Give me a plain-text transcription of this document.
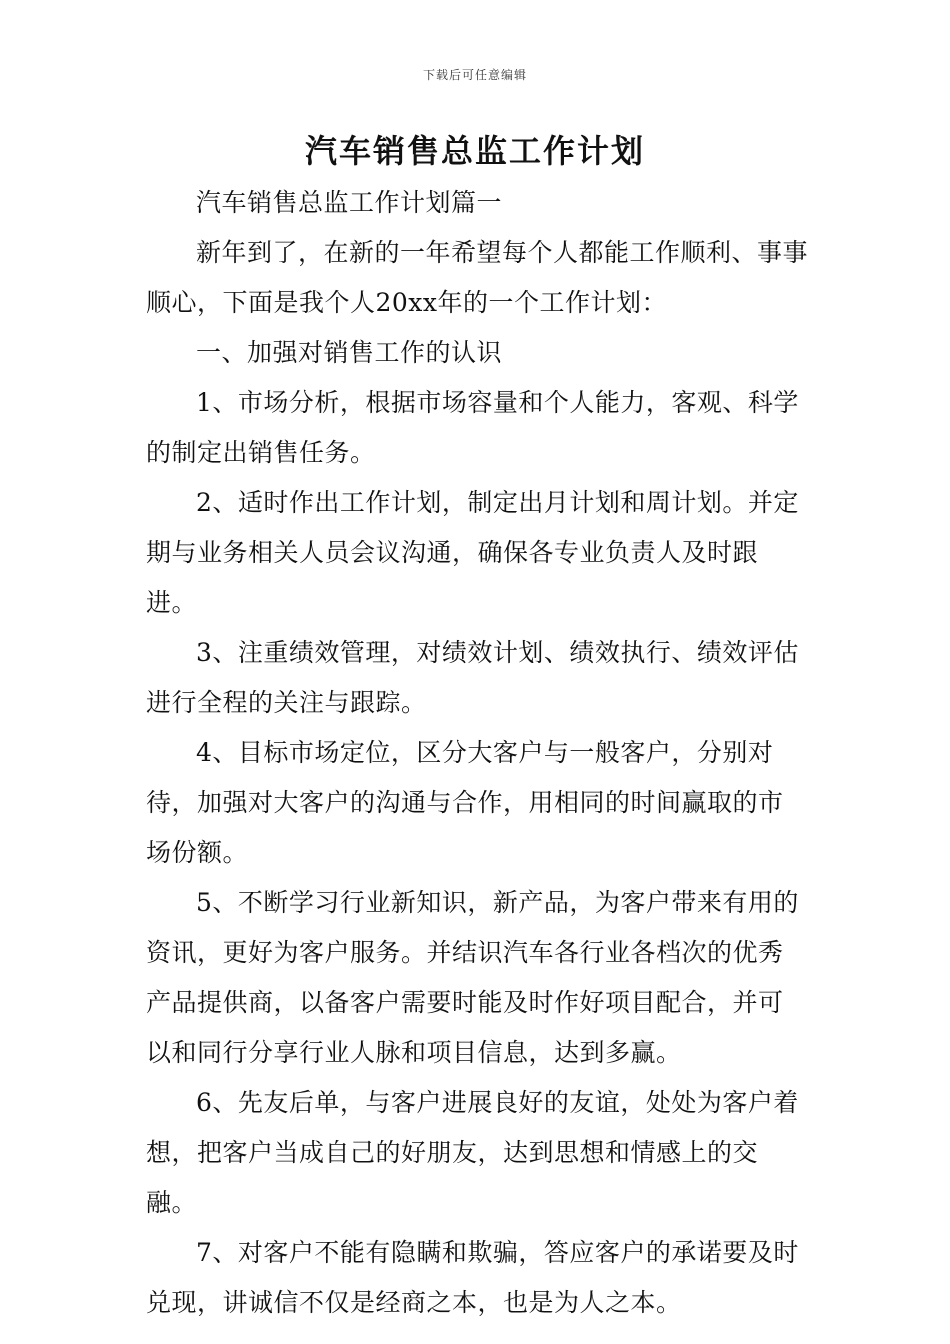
下载后可任意编辑
汽车销售总监工作计划

汽车销售总监工作计划篇一

新年到了，在新的一年希望每个人都能工作顺利、事事顺心，下面是我个人20xx年的一个工作计划：

一、加强对销售工作的认识

1、市场分析，根据市场容量和个人能力，客观、科学的制定出销售任务。

2、适时作出工作计划，制定出月计划和周计划。并定期与业务相关人员会议沟通，确保各专业负责人及时跟进。

3、注重绩效管理，对绩效计划、绩效执行、绩效评估进行全程的关注与跟踪。

4、目标市场定位，区分大客户与一般客户，分别对待，加强对大客户的沟通与合作，用相同的时间赢取的市场份额。

5、不断学习行业新知识，新产品，为客户带来有用的资讯，更好为客户服务。并结识汽车各行业各档次的优秀产品提供商，以备客户需要时能及时作好项目配合，并可以和同行分享行业人脉和项目信息，达到多赢。

6、先友后单，与客户进展良好的友谊，处处为客户着想，把客户当成自己的好朋友，达到思想和情感上的交融。

7、对客户不能有隐瞒和欺骗，答应客户的承诺要及时兑现，讲诚信不仅是经商之本，也是为人之本。
